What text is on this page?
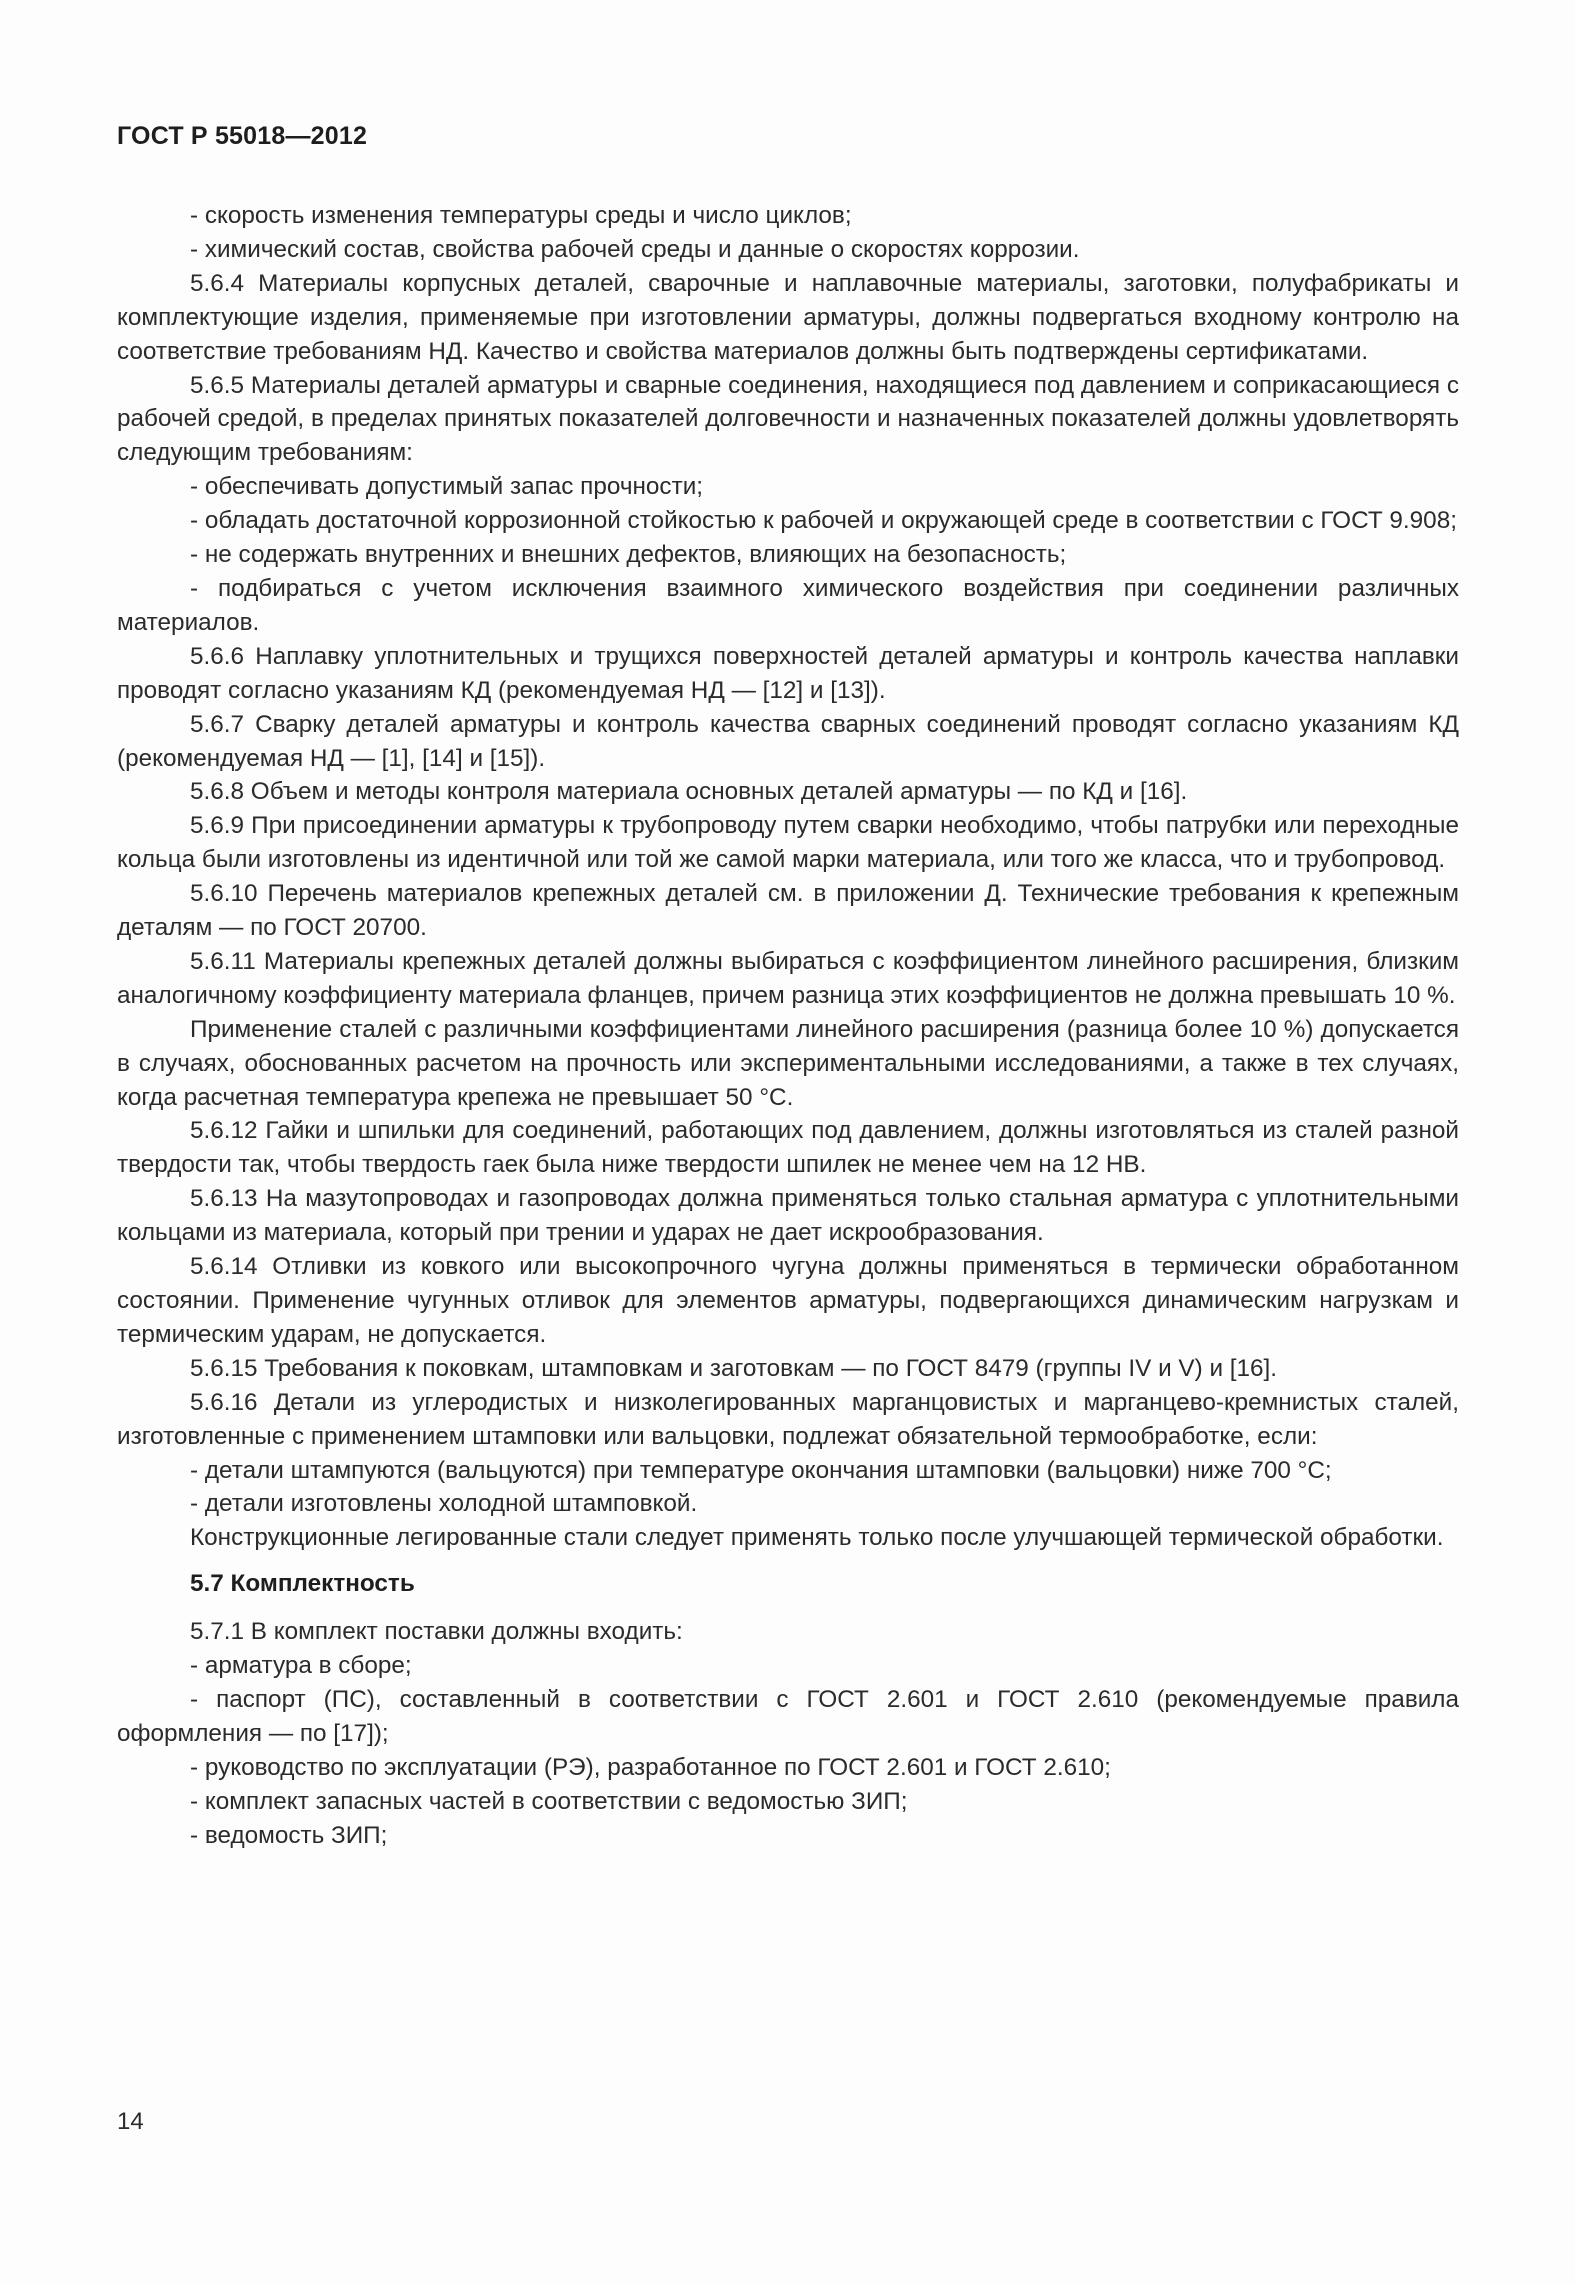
ГОСТ Р 55018—2012

- скорость изменения температуры среды и число циклов;

- химический состав, свойства рабочей среды и данные о скоростях коррозии.

5.6.4 Материалы корпусных деталей, сварочные и наплавочные материалы, заготовки, полуфабрикаты и комплектующие изделия, применяемые при изготовлении арматуры, должны подвергаться входному контролю на соответствие требованиям НД. Качество и свойства материалов должны быть подтверждены сертификатами.

5.6.5 Материалы деталей арматуры и сварные соединения, находящиеся под давлением и соприкасающиеся с рабочей средой, в пределах принятых показателей долговечности и назначенных показателей должны удовлетворять следующим требованиям:

- обеспечивать допустимый запас прочности;

- обладать достаточной коррозионной стойкостью к рабочей и окружающей среде в соответствии с ГОСТ 9.908;

- не содержать внутренних и внешних дефектов, влияющих на безопасность;

- подбираться с учетом исключения взаимного химического воздействия при соединении различных материалов.

5.6.6 Наплавку уплотнительных и трущихся поверхностей деталей арматуры и контроль качества наплавки проводят согласно указаниям КД (рекомендуемая НД — [12] и [13]).

5.6.7 Сварку деталей арматуры и контроль качества сварных соединений проводят согласно указаниям КД (рекомендуемая НД — [1], [14] и [15]).

5.6.8 Объем и методы контроля материала основных деталей арматуры — по КД и [16].

5.6.9 При присоединении арматуры к трубопроводу путем сварки необходимо, чтобы патрубки или переходные кольца были изготовлены из идентичной или той же самой марки материала, или того же класса, что и трубопровод.

5.6.10 Перечень материалов крепежных деталей см. в приложении Д. Технические требования к крепежным деталям — по ГОСТ 20700.

5.6.11 Материалы крепежных деталей должны выбираться с коэффициентом линейного расширения, близким аналогичному коэффициенту материала фланцев, причем разница этих коэффициентов не должна превышать 10 %.

Применение сталей с различными коэффициентами линейного расширения (разница более 10 %) допускается в случаях, обоснованных расчетом на прочность или экспериментальными исследованиями, а также в тех случаях, когда расчетная температура крепежа не превышает 50 °С.

5.6.12 Гайки и шпильки для соединений, работающих под давлением, должны изготовляться из сталей разной твердости так, чтобы твердость гаек была ниже твердости шпилек не менее чем на 12 НВ.

5.6.13 На мазутопроводах и газопроводах должна применяться только стальная арматура с уплотнительными кольцами из материала, который при трении и ударах не дает искрообразования.

5.6.14 Отливки из ковкого или высокопрочного чугуна должны применяться в термически обработанном состоянии. Применение чугунных отливок для элементов арматуры, подвергающихся динамическим нагрузкам и термическим ударам, не допускается.

5.6.15 Требования к поковкам, штамповкам и заготовкам — по ГОСТ 8479 (группы IV и V) и [16].

5.6.16 Детали из углеродистых и низколегированных марганцовистых и марганцево-кремнистых сталей, изготовленные с применением штамповки или вальцовки, подлежат обязательной термообработке, если:

- детали штампуются (вальцуются) при температуре окончания штамповки (вальцовки) ниже 700 °С;

- детали изготовлены холодной штамповкой.

Конструкционные легированные стали следует применять только после улучшающей термической обработки.

5.7 Комплектность

5.7.1 В комплект поставки должны входить:

- арматура в сборе;

- паспорт (ПС), составленный в соответствии с ГОСТ 2.601 и ГОСТ 2.610 (рекомендуемые правила оформления — по [17]);

- руководство по эксплуатации (РЭ), разработанное по ГОСТ 2.601 и ГОСТ 2.610;

- комплект запасных частей в соответствии с ведомостью ЗИП;

- ведомость ЗИП;

14
